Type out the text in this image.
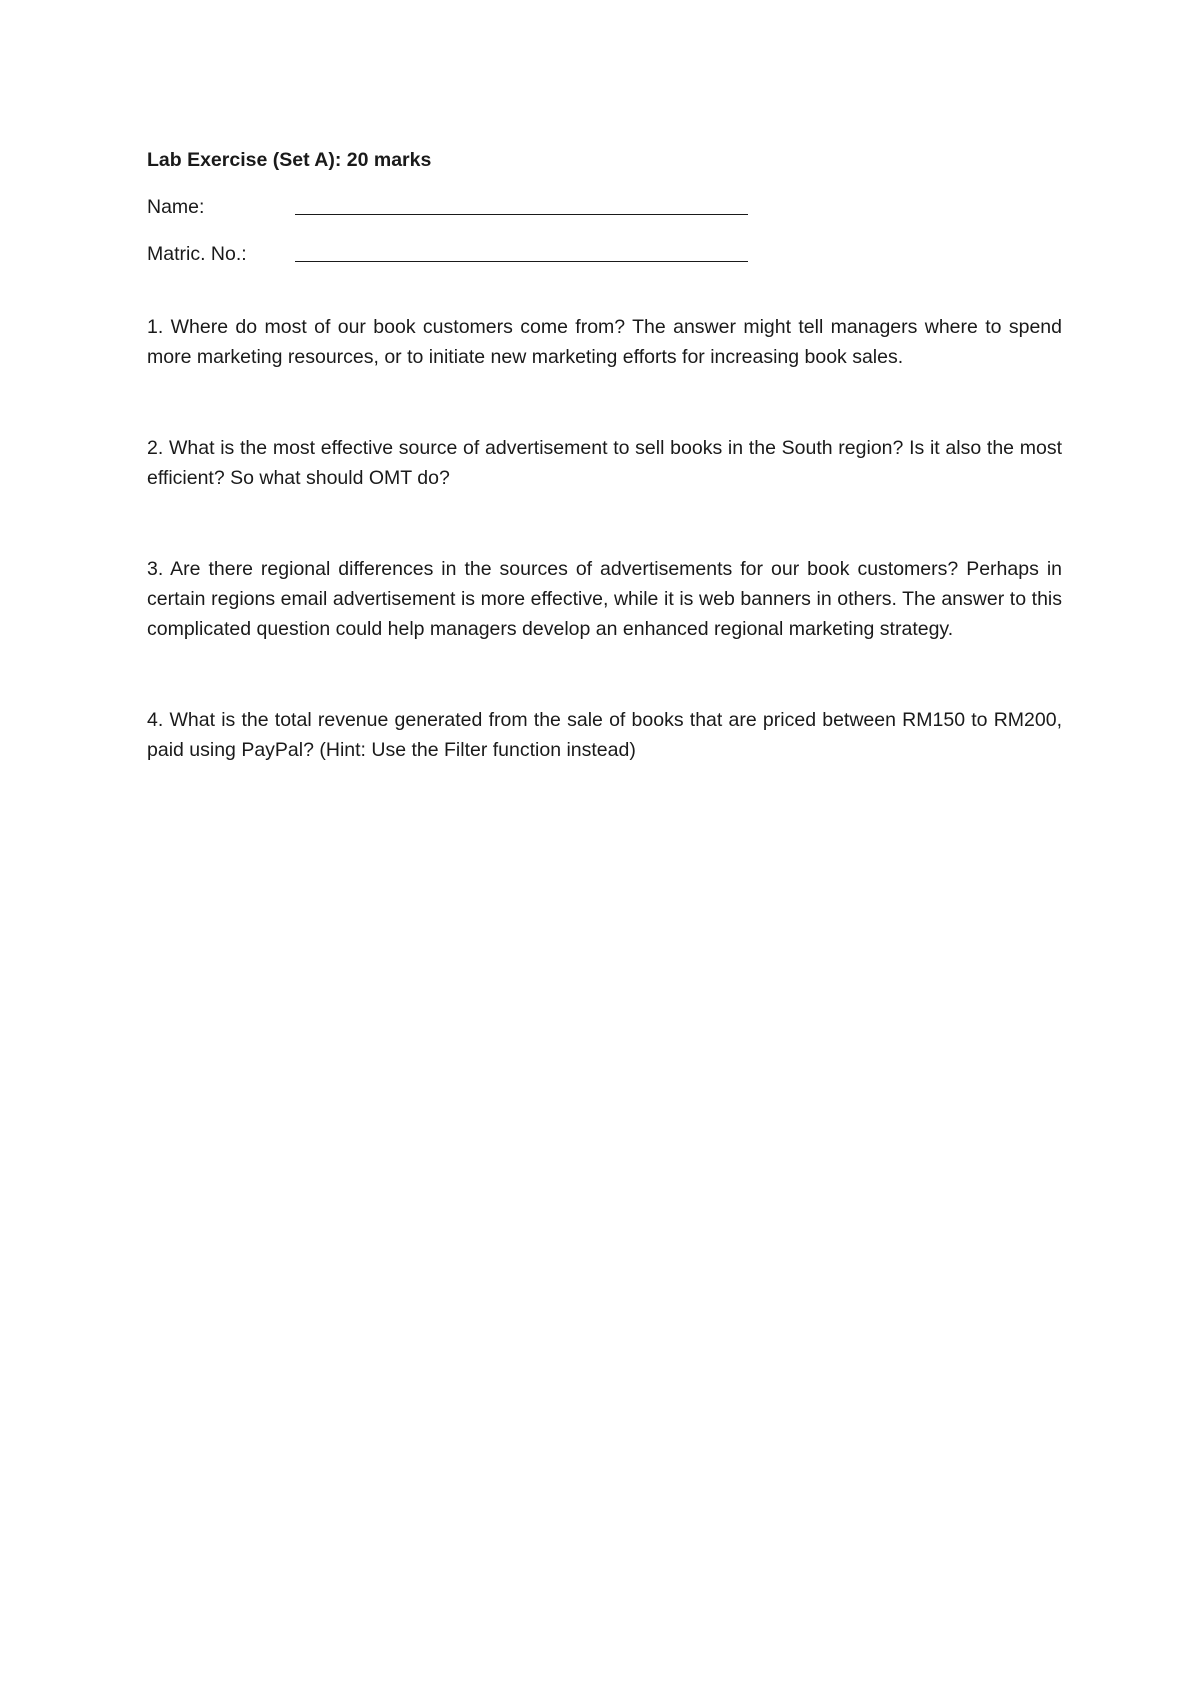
Lab Exercise (Set A): 20 marks
Name:
Matric. No.:

1. Where do most of our book customers come from? The answer might tell managers where to spend more marketing resources, or to initiate new marketing efforts for increasing book sales.

2. What is the most effective source of advertisement to sell books in the South region? Is it also the most efficient? So what should OMT do?

3. Are there regional differences in the sources of advertisements for our book customers? Perhaps in certain regions email advertisement is more effective, while it is web banners in others. The answer to this complicated question could help managers develop an enhanced regional marketing strategy.

4. What is the total revenue generated from the sale of books that are priced between RM150 to RM200, paid using PayPal? (Hint: Use the Filter function instead)
